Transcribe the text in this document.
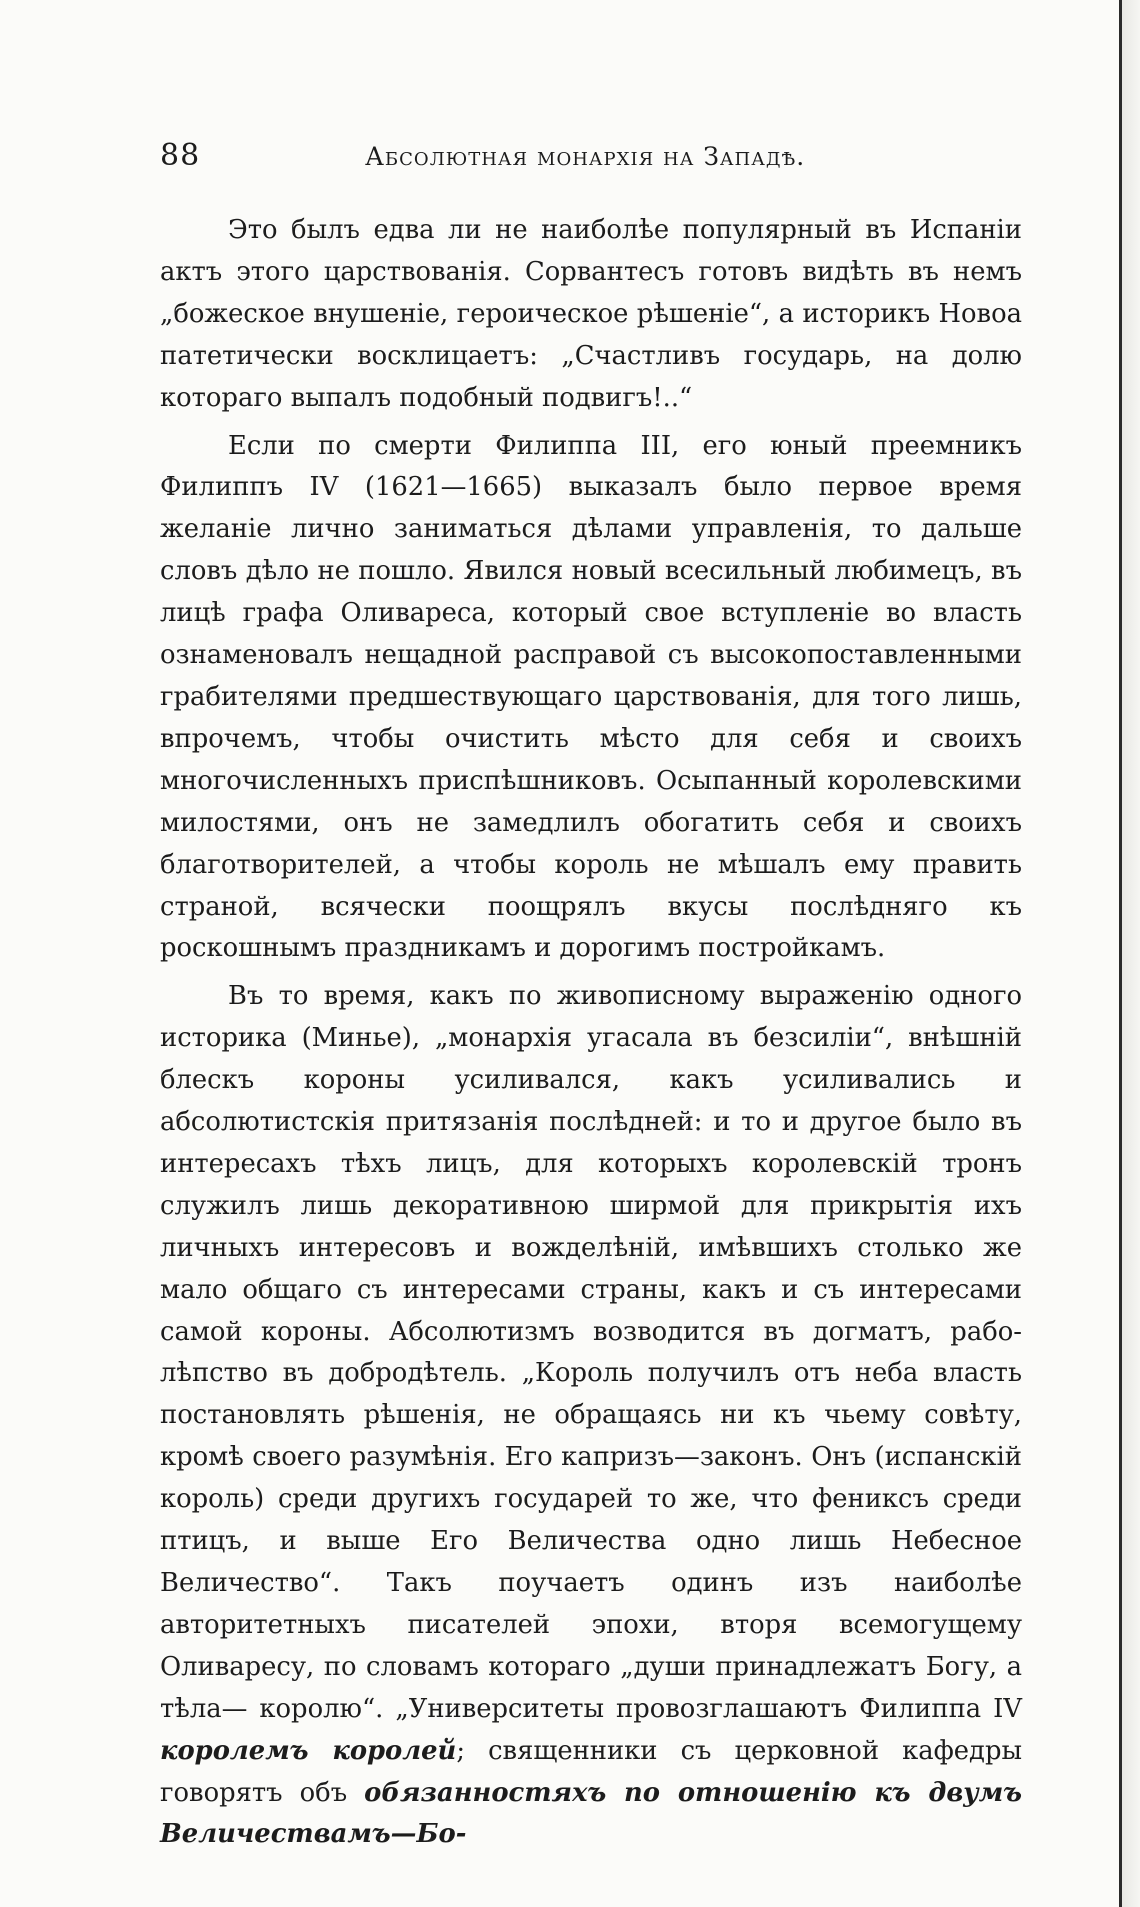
88	Абсолютная монархія на Западѣ.

Это былъ едва ли не наиболѣе популярный въ Испаніи актъ этого царствованія. Сорвантесъ готовъ видѣть въ немъ „божеское внушеніе, героическое рѣшеніе“, а историкъ Новоа патетически восклицаетъ: „Счастливъ государь, на долю котораго выпалъ подобный подвигъ!..“

Если по смерти Филиппа III, его юный преемникъ Филиппъ IV (1621—1665) выказалъ было первое время желаніе лично заниматься дѣлами управленія, то дальше словъ дѣло не пошло. Явился новый всесильный любимецъ, въ лицѣ графа Оливареса, который свое вступленіе во власть ознаменовалъ нещадной расправой съ высокопоставленными грабителями предшествующаго царствованія, для того лишь, впрочемъ, чтобы очистить мѣсто для себя и своихъ многочисленныхъ приспѣшниковъ. Осыпанный королевскими милостями, онъ не замедлилъ обогатить себя и своихъ благотворителей, а чтобы король не мѣшалъ ему править страной, всячески поощрялъ вкусы послѣдняго къ роскошнымъ праздникамъ и дорогимъ постройкамъ.

Въ то время, какъ по живописному выраженію одного историка (Минье), „монархія угасала въ безсиліи“, внѣшній блескъ короны усиливался, какъ усиливались и абсолютистскія притязанія послѣдней: и то и другое было въ интересахъ тѣхъ лицъ, для которыхъ королевскій тронъ служилъ лишь декоративною ширмой для прикрытія ихъ личныхъ интересовъ и вожделѣній, имѣвшихъ столько же мало общаго съ интересами страны, какъ и съ интересами самой короны. Абсолютизмъ возводится въ догматъ, раболѣпство въ добродѣтель. „Король получилъ отъ неба власть постановлять рѣшенія, не обращаясь ни къ чьему совѣту, кромѣ своего разумѣнія. Его капризъ—законъ. Онъ (испанскій король) среди другихъ государей то же, что фениксъ среди птицъ, и выше Его Величества одно лишь Небесное Величество“. Такъ поучаетъ одинъ изъ наиболѣе авторитетныхъ писателей эпохи, вторя всемогущему Оливаресу, по словамъ котораго „души принадлежатъ Богу, а тѣла— королю“. „Университеты провозглашаютъ Филиппа IV королемъ королей; священники съ церковной кафедры говорятъ объ обязанностяхъ по отношенію къ двумъ Величествамъ—Бо-
